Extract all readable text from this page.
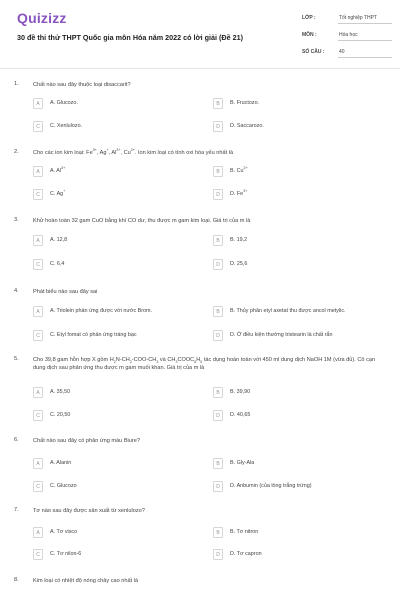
Quizizz
30 đề thi thử THPT Quốc gia môn Hóa năm 2022 có lời giải (Đề 21)
LỚP :	Tốt nghiệp THPT
MÔN :	Hóa học
SỐ CÂU :	40
1.	Chất nào sau đây thuộc loại disaccarit?
A	A. Glucozo.	B	B. Fructozo.
C	C. Xenlulozo.	D	D. Saccarozo.
2.	Cho các ion kim loại: $Fe^{3+}$, Ag+, $Al^{3+}$, $Cu^{2+}$. Ion kim loại có tính oxi hóa yếu nhất là
A	A. $Al^{3+}$
B	B. $Cu^{2+}$
C	C. Ag+
D	D. $Fe^{3+}$
3.	Khử hoàn toàn 32 gam CuO bằng khí CO dư, thu được m gam kim loại. Giá trị của m là
A	A. 12,8	B	B. 19,2
C	C. 6,4	D	D. 25,6
4.	Phát biểu nào sau đây sai
A	A. Triolein phản ứng được với nước Brom.	B	B. Thủy phân etyl axetat thu được ancol metylic.
C	C. Etyl fomat có phản ứng tráng bạc	D	D. Ở điều kiện thường tristearin là chất rắn
5.	Cho 39,8 gam hỗn hợp X gồm $H_2N-CH_2-COO-CH_3$ và $CH_3COOC_6H_5$ tác dụng hoàn toàn với 450 ml dung dịch NaOH 1M (vừa đủ). Cô cạn dung dịch sau phản ứng thu được m gam muối khan. Giá trị của m là
A	A. 35,50	B	B. 39,90
C	C. 20,50	D	D. 40,65
6.	Chất nào sau đây có phản ứng màu Biure?
A	A. Alanin	B	B. Gly-Ala
C	C. Glucozo	D	D. Anbumin (của lòng trắng trứng)
7.	Tơ nào sau đây được sản xuất từ xenlulozo?
A	A. Tơ visco	B	B. Tơ nitron
C	C. Tơ nilon-6	D	D. Tơ capron
8.	Kim loại có nhiệt độ nóng chảy cao nhất là
